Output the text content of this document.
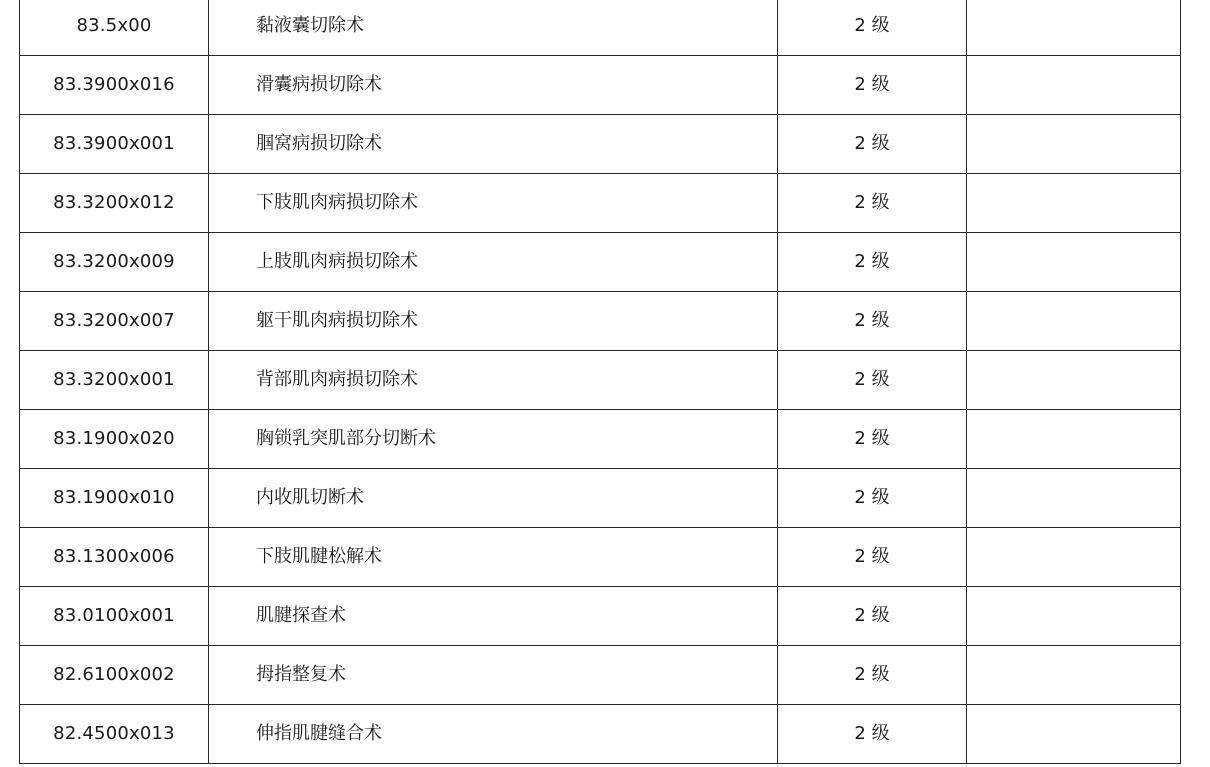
83.5x00	黏液囊切除术	2 级	
83.3900x016	滑囊病损切除术	2 级	
83.3900x001	腘窝病损切除术	2 级	
83.3200x012	下肢肌肉病损切除术	2 级	
83.3200x009	上肢肌肉病损切除术	2 级	
83.3200x007	躯干肌肉病损切除术	2 级	
83.3200x001	背部肌肉病损切除术	2 级	
83.1900x020	胸锁乳突肌部分切断术	2 级	
83.1900x010	内收肌切断术	2 级	
83.1300x006	下肢肌腱松解术	2 级	
83.0100x001	肌腱探查术	2 级	
82.6100x002	拇指整复术	2 级	
82.4500x013	伸指肌腱缝合术	2 级	
